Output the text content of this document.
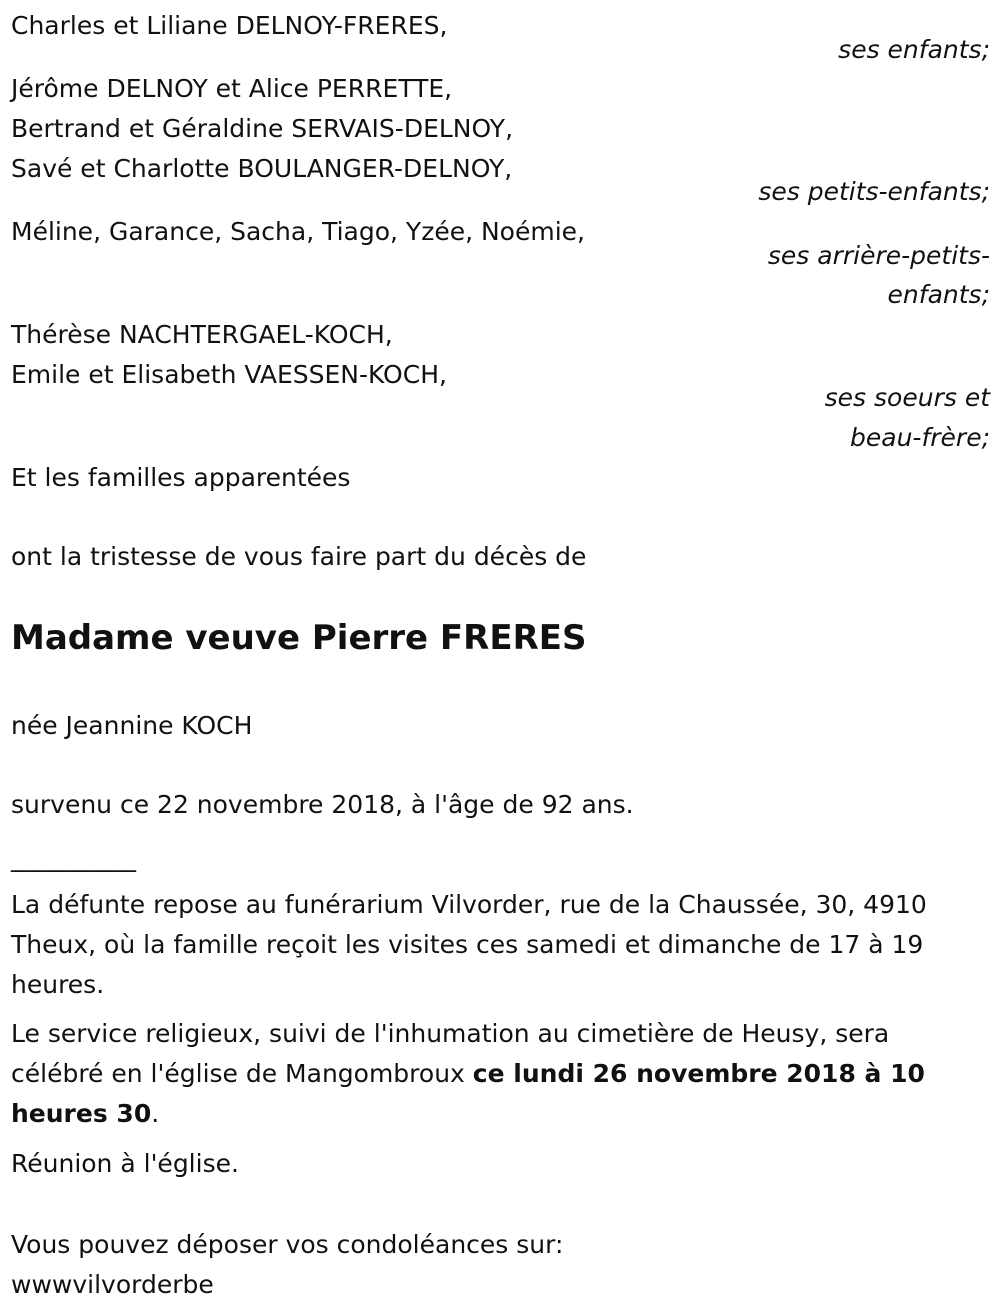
Charles et Liliane DELNOY-FRERES,
ses enfants;
Jérôme DELNOY et Alice PERRETTE,
Bertrand et Géraldine SERVAIS-DELNOY,
Savé et Charlotte BOULANGER-DELNOY,
ses petits-enfants;
Méline, Garance, Sacha, Tiago, Yzée, Noémie,
ses arrière-petits-
enfants;
Thérèse NACHTERGAEL-KOCH,
Emile et Elisabeth VAESSEN-KOCH,
ses soeurs et
beau-frère;
Et les familles apparentées
ont la tristesse de vous faire part du décès de
Madame veuve Pierre FRERES
née Jeannine KOCH
survenu ce 22 novembre 2018, à l'âge de 92 ans.
__________
La défunte repose au funérarium Vilvorder, rue de la Chaussée, 30, 4910 Theux, où la famille reçoit les visites ces samedi et dimanche de 17 à 19 heures.
Le service religieux, suivi de l'inhumation au cimetière de Heusy, sera célébré en l'église de Mangombroux ce lundi 26 novembre 2018 à 10 heures 30.
Réunion à l'église.
Vous pouvez déposer vos condoléances sur:
wwwvilvorderbe
